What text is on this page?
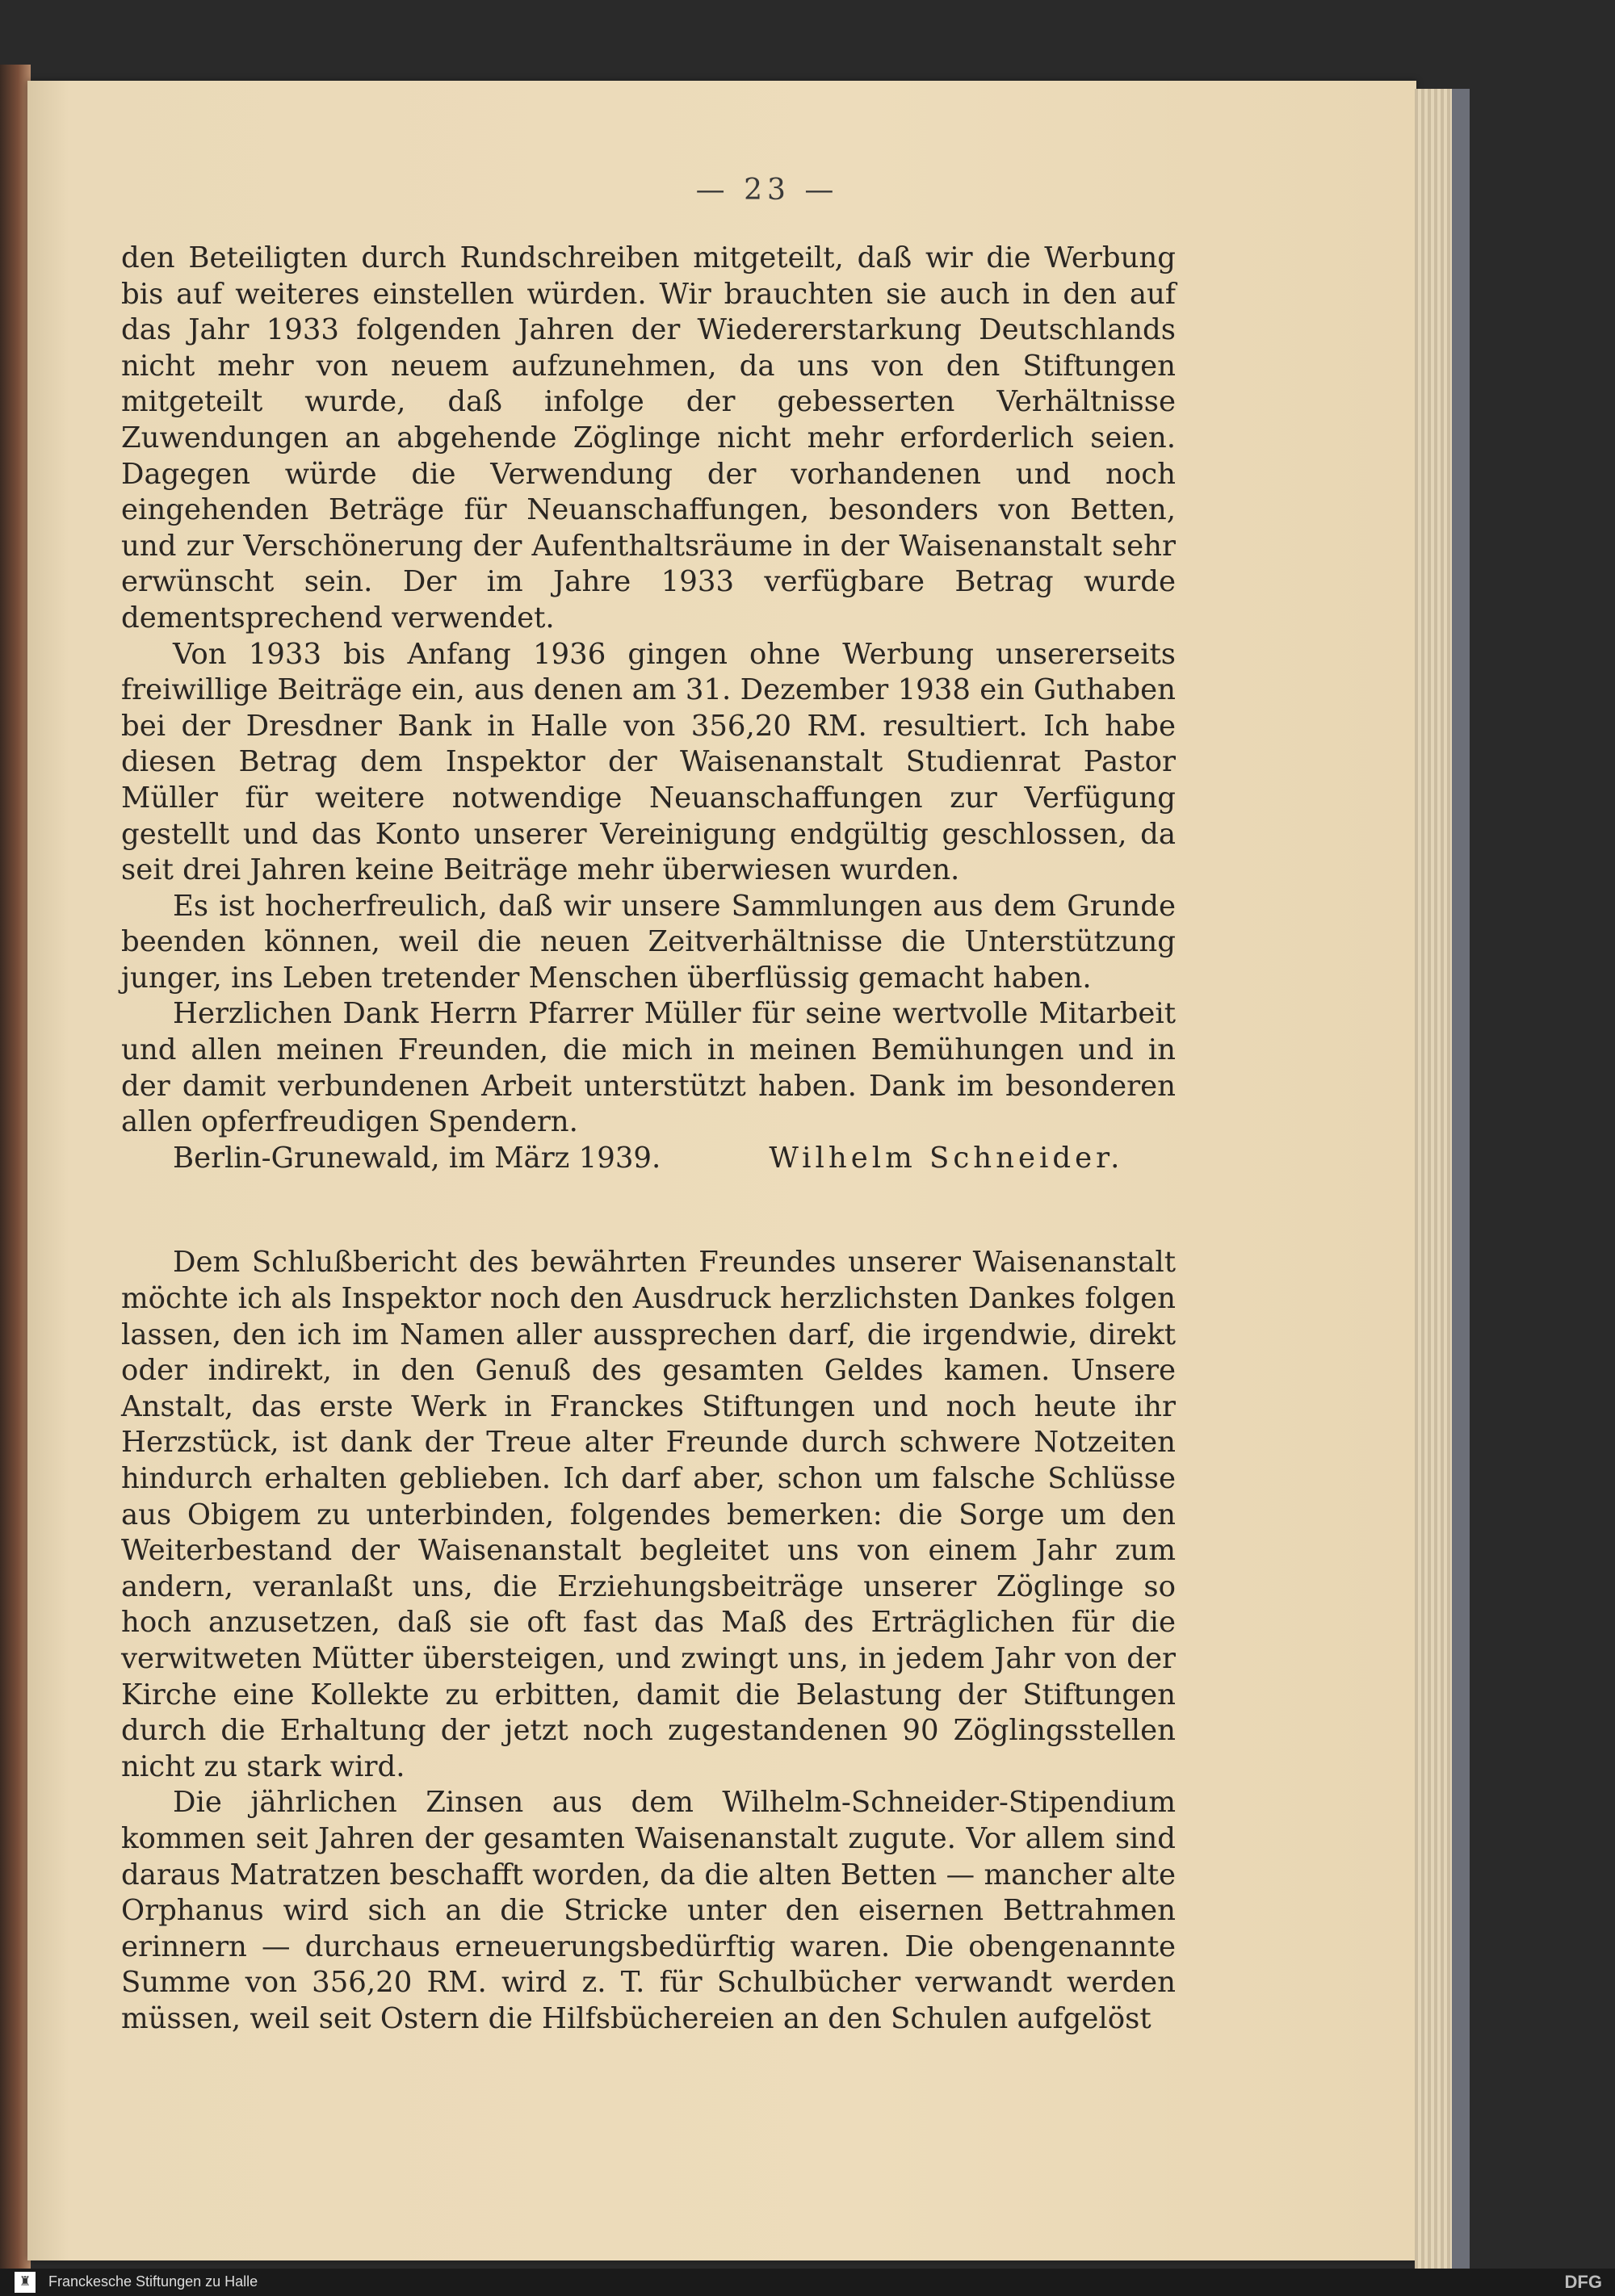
— 23 —

den Beteiligten durch Rundschreiben mitgeteilt, daß wir die Werbung bis auf weiteres einstellen würden. Wir brauchten sie auch in den auf das Jahr 1933 folgenden Jahren der Wiedererstarkung Deutschlands nicht mehr von neuem aufzunehmen, da uns von den Stiftungen mitgeteilt wurde, daß infolge der gebesserten Verhältnisse Zuwendungen an abgehende Zöglinge nicht mehr erforderlich seien. Dagegen würde die Verwendung der vorhandenen und noch eingehenden Beträge für Neuanschaffungen, besonders von Betten, und zur Verschönerung der Aufenthaltsräume in der Waisenanstalt sehr erwünscht sein. Der im Jahre 1933 verfügbare Betrag wurde dementsprechend verwendet.

Von 1933 bis Anfang 1936 gingen ohne Werbung unsererseits freiwillige Beiträge ein, aus denen am 31. Dezember 1938 ein Guthaben bei der Dresdner Bank in Halle von 356,20 RM. resultiert. Ich habe diesen Betrag dem Inspektor der Waisenanstalt Studienrat Pastor Müller für weitere notwendige Neuanschaffungen zur Verfügung gestellt und das Konto unserer Vereinigung endgültig geschlossen, da seit drei Jahren keine Beiträge mehr überwiesen wurden.

Es ist hocherfreulich, daß wir unsere Sammlungen aus dem Grunde beenden können, weil die neuen Zeitverhältnisse die Unterstützung junger, ins Leben tretender Menschen überflüssig gemacht haben.

Herzlichen Dank Herrn Pfarrer Müller für seine wertvolle Mitarbeit und allen meinen Freunden, die mich in meinen Bemühungen und in der damit verbundenen Arbeit unterstützt haben. Dank im besonderen allen opferfreudigen Spendern.

Berlin-Grunewald, im März 1939.	Wilhelm Schneider.

Dem Schlußbericht des bewährten Freundes unserer Waisenanstalt möchte ich als Inspektor noch den Ausdruck herzlichsten Dankes folgen lassen, den ich im Namen aller aussprechen darf, die irgendwie, direkt oder indirekt, in den Genuß des gesamten Geldes kamen. Unsere Anstalt, das erste Werk in Franckes Stiftungen und noch heute ihr Herzstück, ist dank der Treue alter Freunde durch schwere Notzeiten hindurch erhalten geblieben. Ich darf aber, schon um falsche Schlüsse aus Obigem zu unterbinden, folgendes bemerken: die Sorge um den Weiterbestand der Waisenanstalt begleitet uns von einem Jahr zum andern, veranlaßt uns, die Erziehungsbeiträge unserer Zöglinge so hoch anzusetzen, daß sie oft fast das Maß des Erträglichen für die verwitweten Mütter übersteigen, und zwingt uns, in jedem Jahr von der Kirche eine Kollekte zu erbitten, damit die Belastung der Stiftungen durch die Erhaltung der jetzt noch zugestandenen 90 Zöglingsstellen nicht zu stark wird.

Die jährlichen Zinsen aus dem Wilhelm-Schneider-Stipendium kommen seit Jahren der gesamten Waisenanstalt zugute. Vor allem sind daraus Matratzen beschafft worden, da die alten Betten — mancher alte Orphanus wird sich an die Stricke unter den eisernen Bettrahmen erinnern — durchaus erneuerungsbedürftig waren. Die obengenannte Summe von 356,20 RM. wird z. T. für Schulbücher verwandt werden müssen, weil seit Ostern die Hilfsbüchereien an den Schulen aufgelöst

♜	Franckesche Stiftungen zu Halle	DFG
